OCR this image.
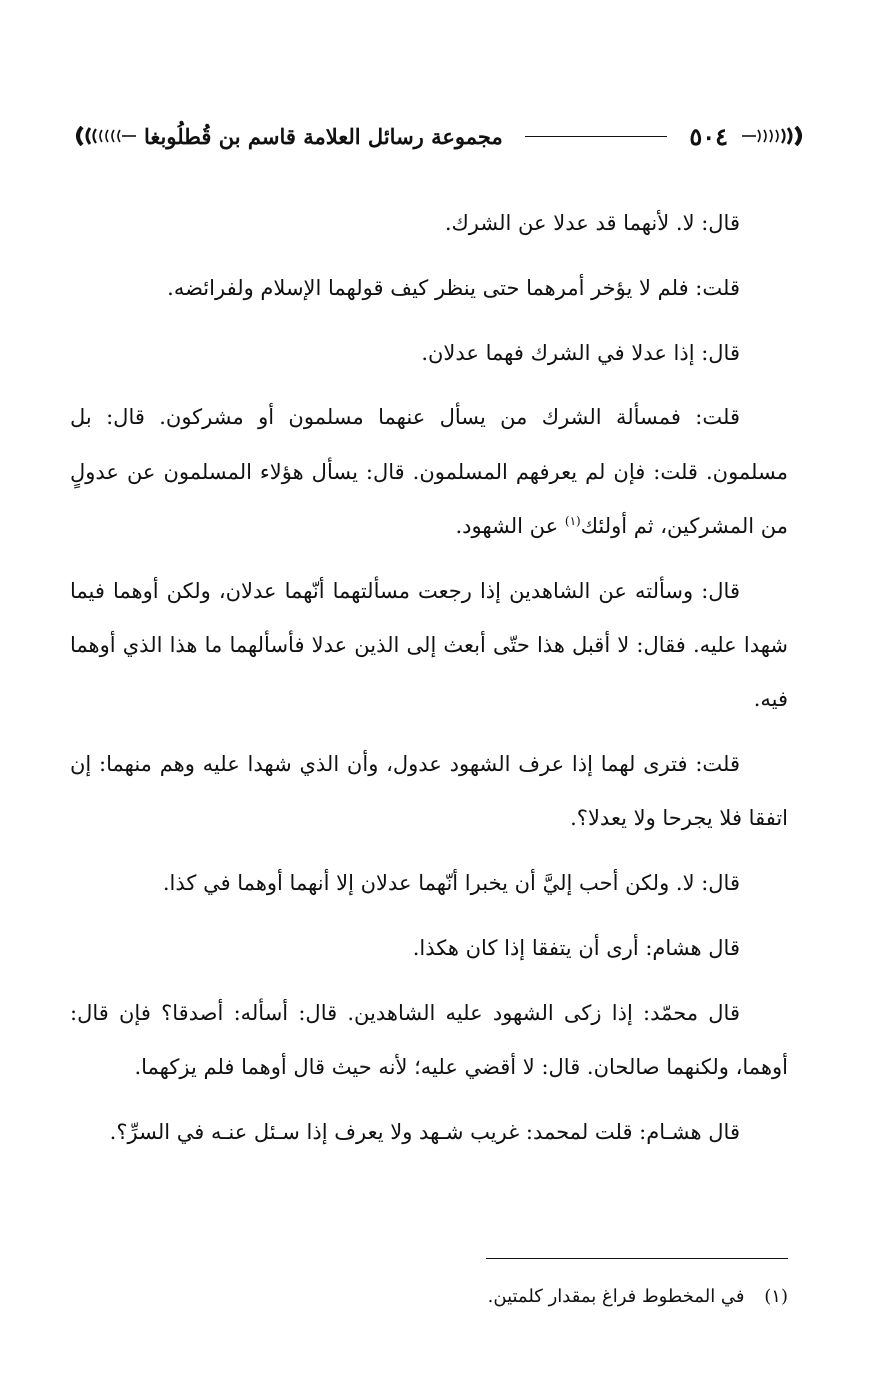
٥٠٤
مجموعة رسائل العلامة قاسم بن قُطلُوبغا

قال: لا. لأنهما قد عدلا عن الشرك.

قلت: فلم لا يؤخر أمرهما حتى ينظر كيف قولهما الإسلام ولفرائضه.

قال: إذا عدلا في الشرك فهما عدلان.

قلت: فمسألة الشرك من يسأل عنهما مسلمون أو مشركون. قال: بل مسلمون. قلت: فإن لم يعرفهم المسلمون. قال: يسأل هؤلاء المسلمون عن عدولٍ من المشركين، ثم أولئك$^{(١)}$ عن الشهود.

قال: وسألته عن الشاهدين إذا رجعت مسألتهما أنّهما عدلان، ولكن أوهما فيما شهدا عليه. فقال: لا أقبل هذا حتّى أبعث إلى الذين عدلا فأسألهما ما هذا الذي أوهما فيه.

قلت: فترى لهما إذا عرف الشهود عدول، وأن الذي شهدا عليه وهم منهما: إن اتفقا فلا يجرحا ولا يعدلا؟.

قال: لا. ولكن أحب إليَّ أن يخبرا أنّهما عدلان إلا أنهما أوهما في كذا.

قال هشام: أرى أن يتفقا إذا كان هكذا.

قال محمّد: إذا زكى الشهود عليه الشاهدين. قال: أسأله: أصدقا؟ فإن قال: أوهما، ولكنهما صالحان. قال: لا أقضي عليه؛ لأنه حيث قال أوهما فلم يزكهما.

قال هشـام: قلت لمحمد: غريب شـهد ولا يعرف إذا سـئل عنـه في السرِّ؟.

(١) في المخطوط فراغ بمقدار كلمتين.
